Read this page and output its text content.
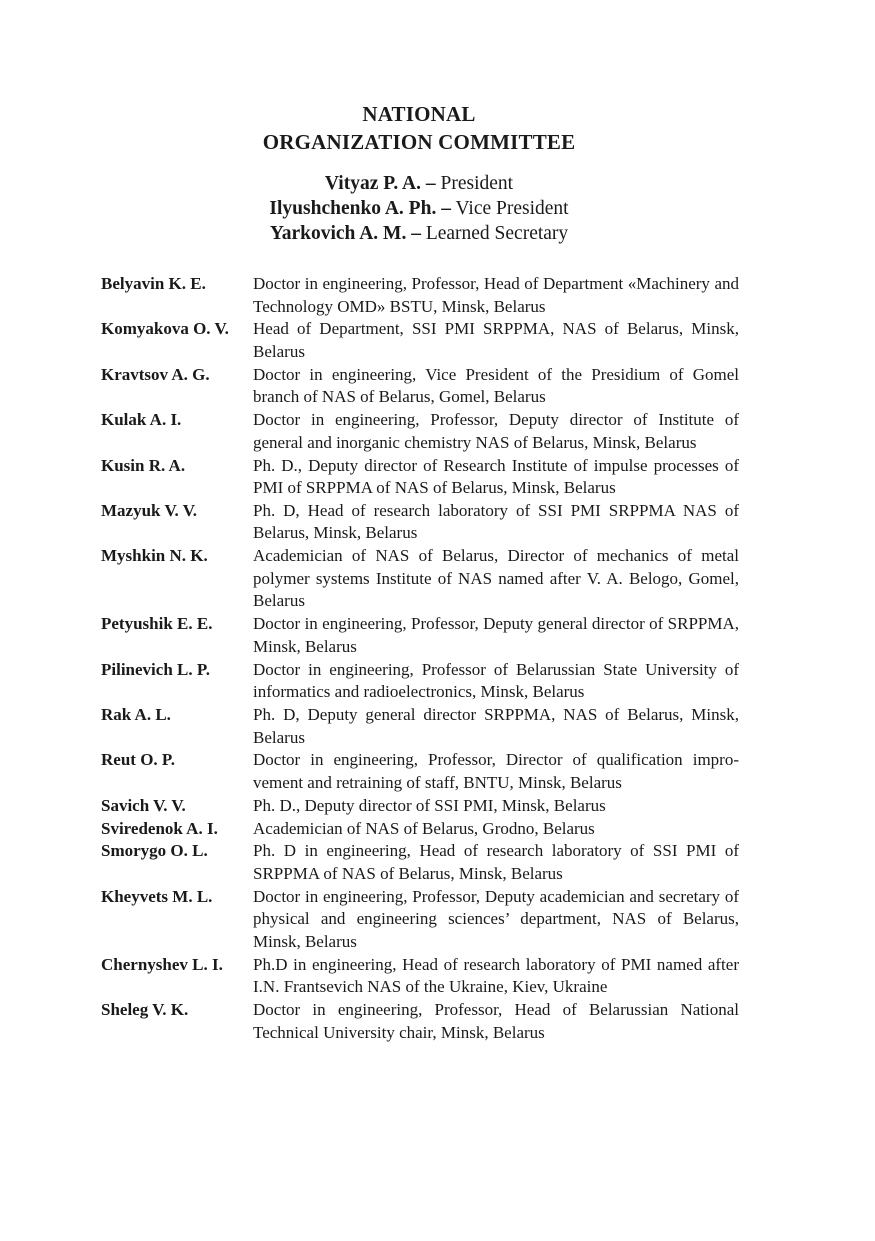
NATIONAL
ORGANIZATION COMMITTEE
Vityaz P. A. – President
Ilyushchenko A. Ph. – Vice President
Yarkovich A. M. – Learned Secretary
Belyavin K. E.	Doctor in engineering, Professor, Head of Department «Machinery and Technology OMD» BSTU, Minsk, Belarus
Komyakova O. V.	Head of Department, SSI PMI SRPPMA, NAS of Belarus, Minsk, Belarus
Kravtsov A. G.	Doctor in engineering, Vice President of the Presidium of Gomel branch of NAS of Belarus, Gomel, Belarus
Kulak A. I.	Doctor in engineering, Professor, Deputy director of Institute of general and inorganic chemistry NAS of Belarus, Minsk, Belarus
Kusin R. A.	Ph. D., Deputy director of Research Institute of impulse processes of PMI of SRPPMA of NAS of Belarus, Minsk, Belarus
Mazyuk V. V.	Ph. D, Head of research laboratory of SSI PMI SRPPMA NAS of Belarus, Minsk, Belarus
Myshkin N. K.	Academician of NAS of Belarus, Director of mechanics of metal polymer systems Institute of NAS named after V. A. Belogo, Gomel, Belarus
Petyushik E. E.	Doctor in engineering, Professor, Deputy general director of SRPPMA, Minsk, Belarus
Pilinevich L. P.	Doctor in engineering, Professor of Belarussian State University of informatics and radioelectronics, Minsk, Belarus
Rak A. L.	Ph. D, Deputy general director SRPPMA, NAS of Belarus, Minsk, Belarus
Reut O. P.	Doctor in engineering, Professor, Director of qualification improvement and retraining of staff, BNTU, Minsk, Belarus
Savich V. V.	Ph. D., Deputy director of SSI PMI, Minsk, Belarus
Sviredenok A. I.	Academician of NAS of Belarus, Grodno, Belarus
Smorygo O. L.	Ph. D in engineering, Head of research laboratory of SSI PMI of SRPPMA of NAS of Belarus, Minsk, Belarus
Kheyvets M. L.	Doctor in engineering, Professor, Deputy academician and secretary of physical and engineering sciences’ department, NAS of Belarus, Minsk, Belarus
Chernyshev L. I.	Ph.D in engineering, Head of research laboratory of PMI named after I.N. Frantsevich NAS of the Ukraine, Kiev, Ukraine
Sheleg V. K.	Doctor in engineering, Professor, Head of Belarussian National Technical University chair, Minsk, Belarus
